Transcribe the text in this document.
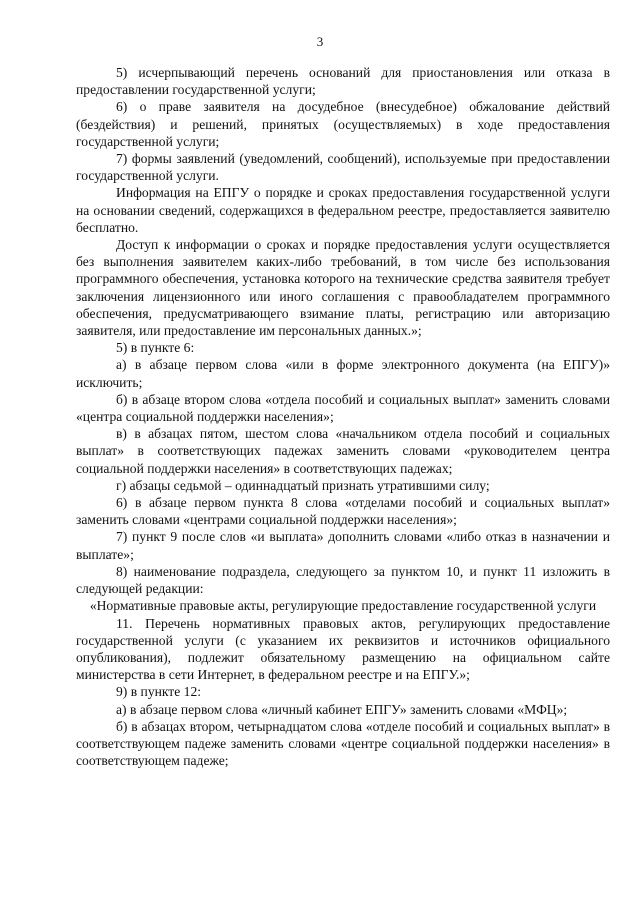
3

5) исчерпывающий перечень оснований для приостановления или отказа в предоставлении государственной услуги;

6) о праве заявителя на досудебное (внесудебное) обжалование действий (бездействия) и решений, принятых (осуществляемых) в ходе предоставления государственной услуги;

7) формы заявлений (уведомлений, сообщений), используемые при предоставлении государственной услуги.

Информация на ЕПГУ о порядке и сроках предоставления государственной услуги на основании сведений, содержащихся в федеральном реестре, предоставляется заявителю бесплатно.

Доступ к информации о сроках и порядке предоставления услуги осуществляется без выполнения заявителем каких-либо требований, в том числе без использования программного обеспечения, установка которого на технические средства заявителя требует заключения лицензионного или иного соглашения с правообладателем программного обеспечения, предусматривающего взимание платы, регистрацию или авторизацию заявителя, или предоставление им персональных данных.»;

5) в пункте 6:

а) в абзаце первом слова «или в форме электронного документа (на ЕПГУ)» исключить;

б) в абзаце втором слова «отдела пособий и социальных выплат» заменить словами «центра социальной поддержки населения»;

в) в абзацах пятом, шестом слова «начальником отдела пособий и социальных выплат» в соответствующих падежах заменить словами «руководителем центра социальной поддержки населения» в соответствующих падежах;

г) абзацы седьмой – одиннадцатый признать утратившими силу;

6) в абзаце первом пункта 8 слова «отделами пособий и социальных выплат» заменить словами «центрами социальной поддержки населения»;

7) пункт 9 после слов «и выплата» дополнить словами «либо отказ в назначении и выплате»;

8) наименование подраздела, следующего за пунктом 10, и пункт 11 изложить в следующей редакции:

«Нормативные правовые акты, регулирующие предоставление государственной услуги

11. Перечень нормативных правовых актов, регулирующих предоставление государственной услуги (с указанием их реквизитов и источников официального опубликования), подлежит обязательному размещению на официальном сайте министерства в сети Интернет, в федеральном реестре и на ЕПГУ.»;

9) в пункте 12:

а) в абзаце первом слова «личный кабинет ЕПГУ» заменить словами «МФЦ»;

б) в абзацах втором, четырнадцатом слова «отделе пособий и социальных выплат» в соответствующем падеже заменить словами «центре социальной поддержки населения» в соответствующем падеже;
